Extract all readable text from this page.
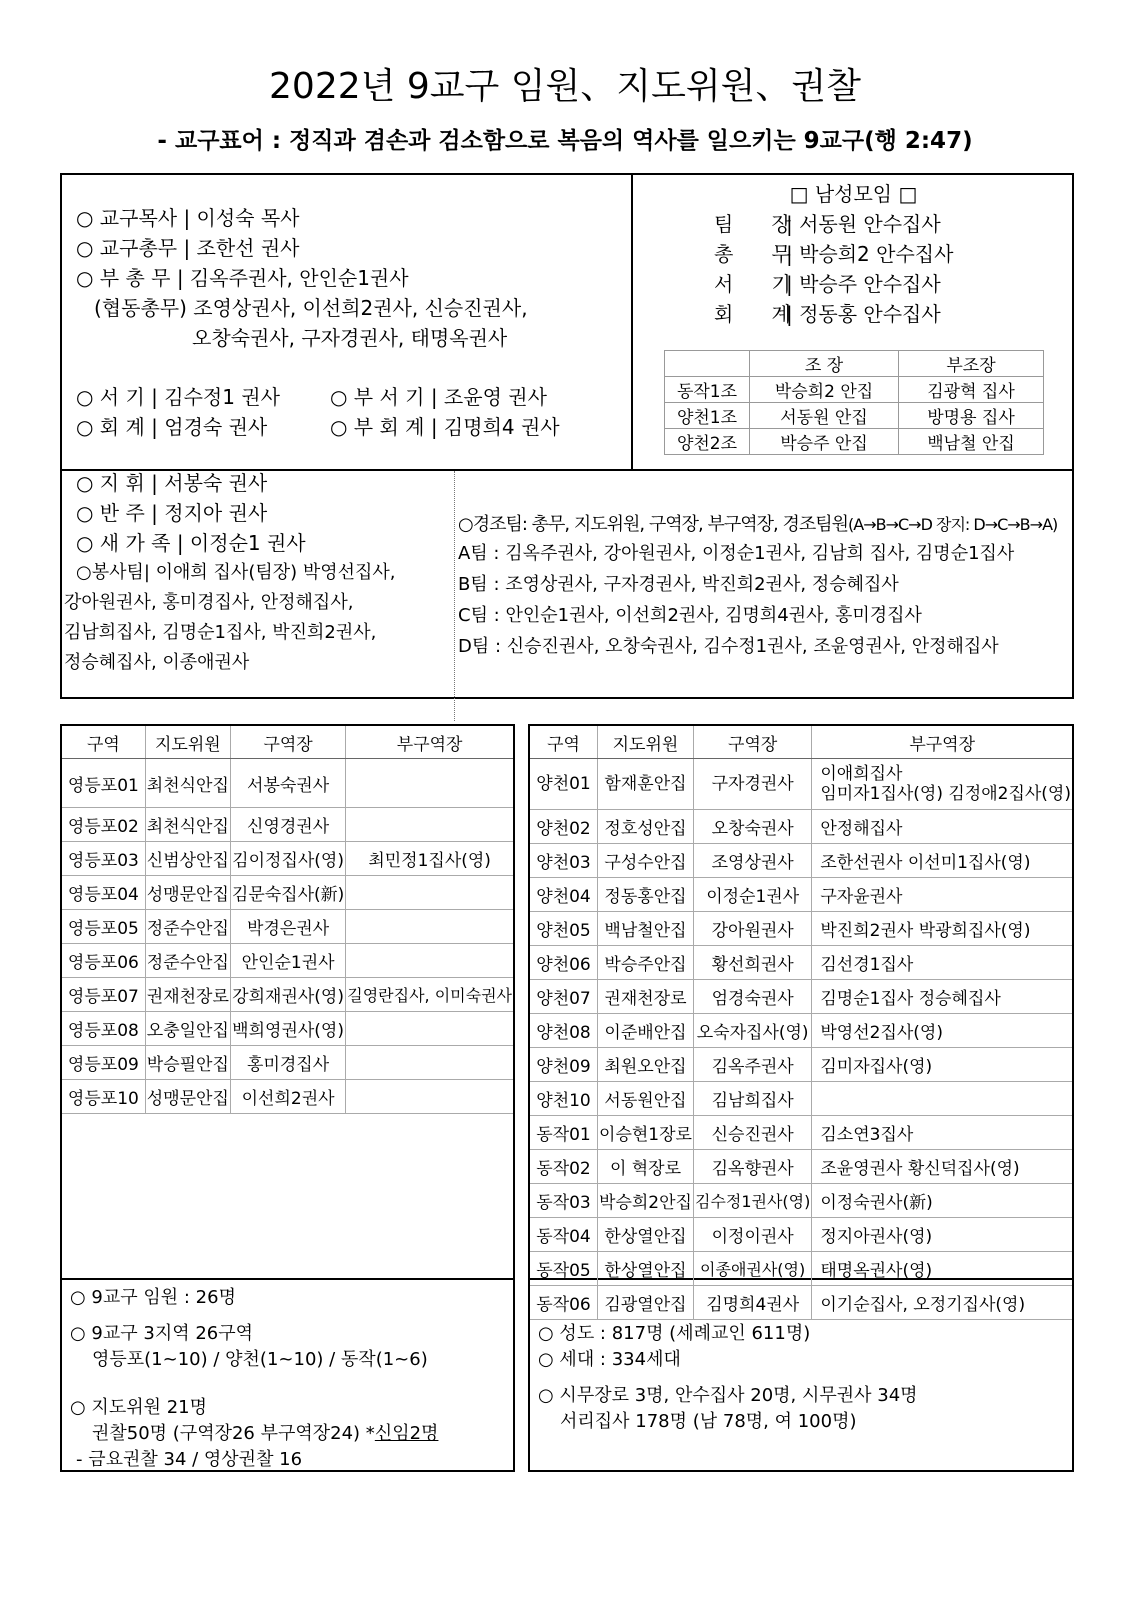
2022년 9교구 임원、지도위원、권찰
- 교구표어 : 정직과 겸손과 검소함으로 복음의 역사를 일으키는 9교구(행 2:47)
○ 교구목사 | 이성숙 목사
○ 교구총무 | 조한선 권사
○ 부 총 무 | 김옥주권사, 안인순1권사
(협동총무) 조영상권사, 이선희2권사, 신승진권사,
오창숙권사, 구자경권사, 태명옥권사
○ 서 기 | 김수정1 권사	○ 부 서 기 | 조윤영 권사
○ 회 계 | 엄경숙 권사	○ 부 회 계 | 김명희4 권사
□ 남성모임 □
팀      장
| 서동원 안수집사
총      무
| 박승희2 안수집사
서      기
| 박승주 안수집사
회      계
| 정동홍 안수집사
	조 장	부조장
동작1조	박승희2 안집	김광혁 집사
양천1조	서동원 안집	방명용 집사
양천2조	박승주 안집	백남철 안집
○ 지 휘 | 서봉숙 권사
○ 반 주 | 정지아 권사
○ 새 가 족 | 이정순1 권사
○봉사팀| 이애희 집사(팀장) 박영선집사,
강아원권사, 홍미경집사, 안정해집사,
김남희집사, 김명순1집사, 박진희2권사,
정승혜집사, 이종애권사
○경조팀: 총무, 지도위원, 구역장, 부구역장, 경조팀원(A→B→C→D 장지: D→C→B→A)
A팀 : 김옥주권사, 강아원권사, 이정순1권사, 김남희 집사, 김명순1집사
B팀 : 조영상권사, 구자경권사, 박진희2권사, 정승혜집사
C팀 : 안인순1권사, 이선희2권사, 김명희4권사, 홍미경집사
D팀 : 신승진권사, 오창숙권사, 김수정1권사, 조윤영권사, 안정해집사
구역	지도위원	구역장	부구역장
영등포01	최천식안집	서봉숙권사	
영등포02	최천식안집	신영경권사	
영등포03	신범상안집	김이정집사(영)	최민정1집사(영)
영등포04	성맹문안집	김문숙집사(新)	
영등포05	정준수안집	박경은권사	
영등포06	정준수안집	안인순1권사	
영등포07	권재천장로	강희재권사(영)	길영란집사, 이미숙권사
영등포08	오충일안집	백희영권사(영)	
영등포09	박승필안집	홍미경집사	
영등포10	성맹문안집	이선희2권사	
○ 9교구 임원 : 26명
○ 9교구 3지역 26구역
영등포(1~10) / 양천(1~10) / 동작(1~6)
○ 지도위원 21명
권찰50명 (구역장26 부구역장24) *신임2명
- 금요권찰 34 / 영상권찰 16
구역	지도위원	구역장	부구역장
양천01	함재훈안집	구자경권사	이애희집사
임미자1집사(영) 김정애2집사(영)

양천02	정호성안집	오창숙권사	안정해집사
양천03	구성수안집	조영상권사	조한선권사 이선미1집사(영)
양천04	정동홍안집	이정순1권사	구자윤권사
양천05	백남철안집	강아원권사	박진희2권사 박광희집사(영)
양천06	박승주안집	황선희권사	김선경1집사
양천07	권재천장로	엄경숙권사	김명순1집사 정승혜집사
양천08	이준배안집	오숙자집사(영)	박영선2집사(영)
양천09	최원오안집	김옥주권사	김미자집사(영)
양천10	서동원안집	김남희집사	
동작01	이승현1장로	신승진권사	김소연3집사
동작02	이 혁장로	김옥향권사	조윤영권사 황신덕집사(영)
동작03	박승희2안집	김수정1권사(영)	이정숙권사(新)
동작04	한상열안집	이정이권사	정지아권사(영)
동작05	한상열안집	이종애권사(영)	태명옥권사(영)
동작06	김광열안집	김명희4권사	이기순집사, 오정기집사(영)
○ 성도 : 817명 (세례교인 611명)
○ 세대 : 334세대
○ 시무장로 3명, 안수집사 20명, 시무권사 34명
서리집사 178명 (남 78명, 여 100명)
